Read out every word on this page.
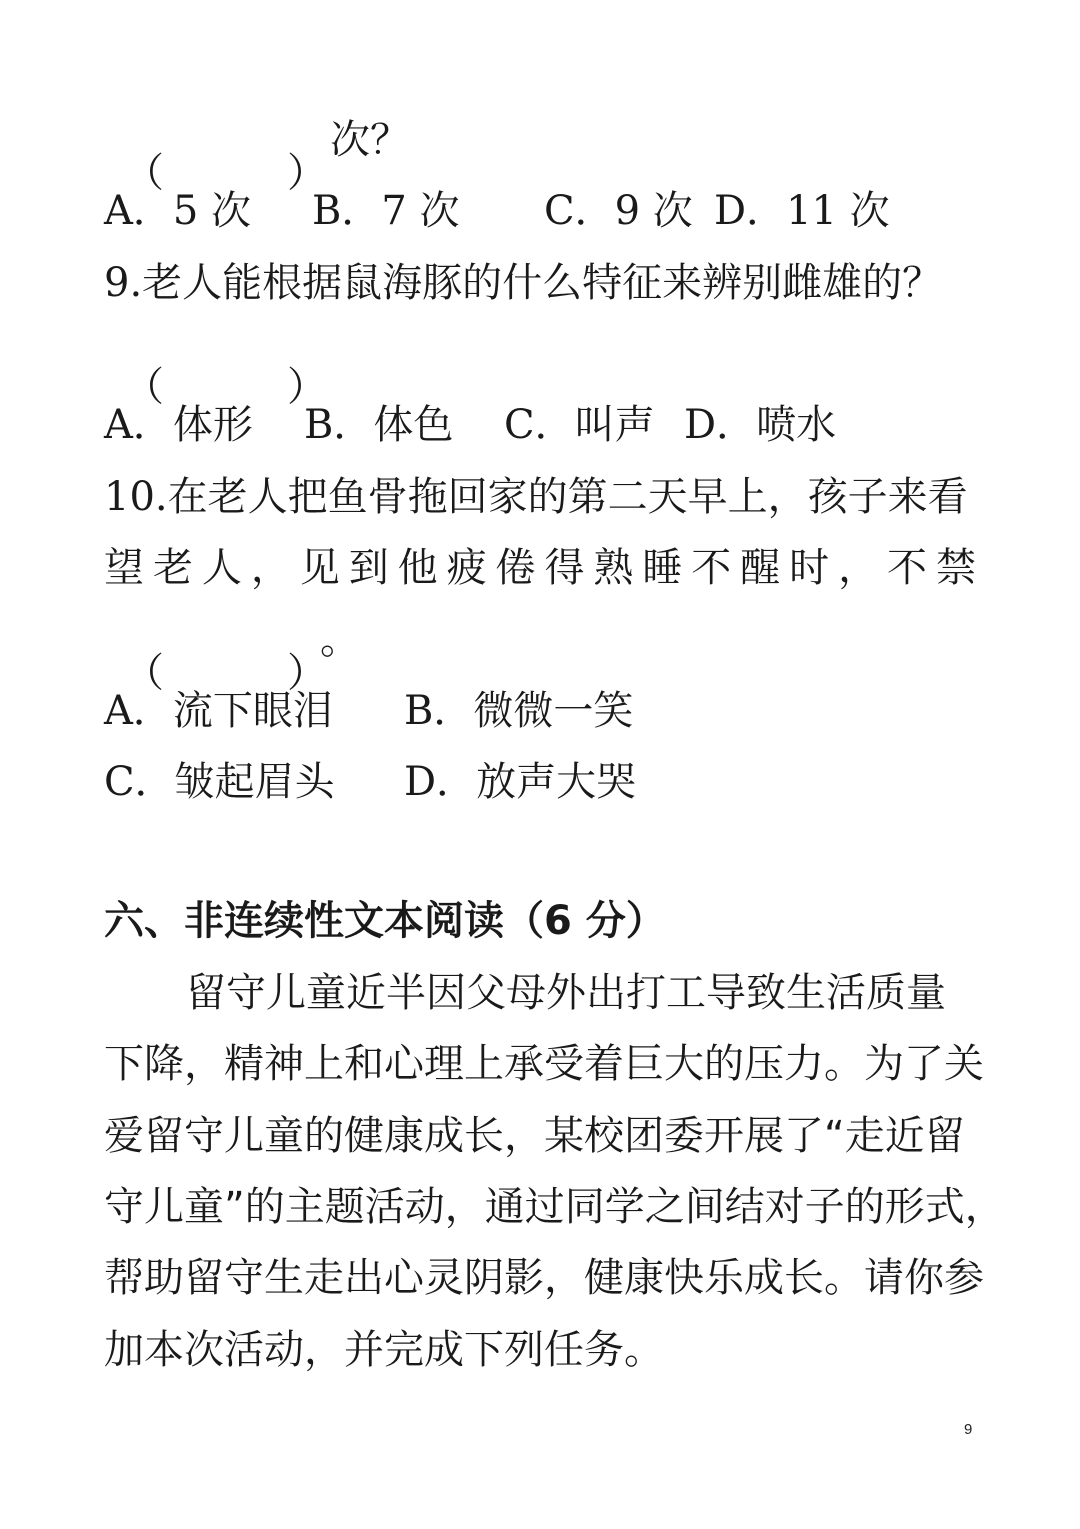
（	）
次？
A．5 次 B．7 次 C．9 次 D．11 次
9.老人能根据鼠海豚的什么特征来辨别雌雄的？
（	）
A．体形 B．体色 C．叫声 D．喷水
10.在老人把鱼骨拖回家的第二天早上，孩子来看
望 老 人 ， 见 到 他 疲 倦 得 熟 睡 不 醒 时 ， 不 禁
（	）
。
A．流下眼泪 B．微微一笑
C．皱起眉头 D．放声大哭
六、非连续性文本阅读（6 分）
留守儿童近半因父母外出打工导致生活质量
下降，精神上和心理上承受着巨大的压力。为了关
爱留守儿童的健康成长，某校团委开展了“走近留
守儿童”的主题活动，通过同学之间结对子的形式，
帮助留守生走出心灵阴影，健康快乐成长。请你参
加本次活动，并完成下列任务。
9
